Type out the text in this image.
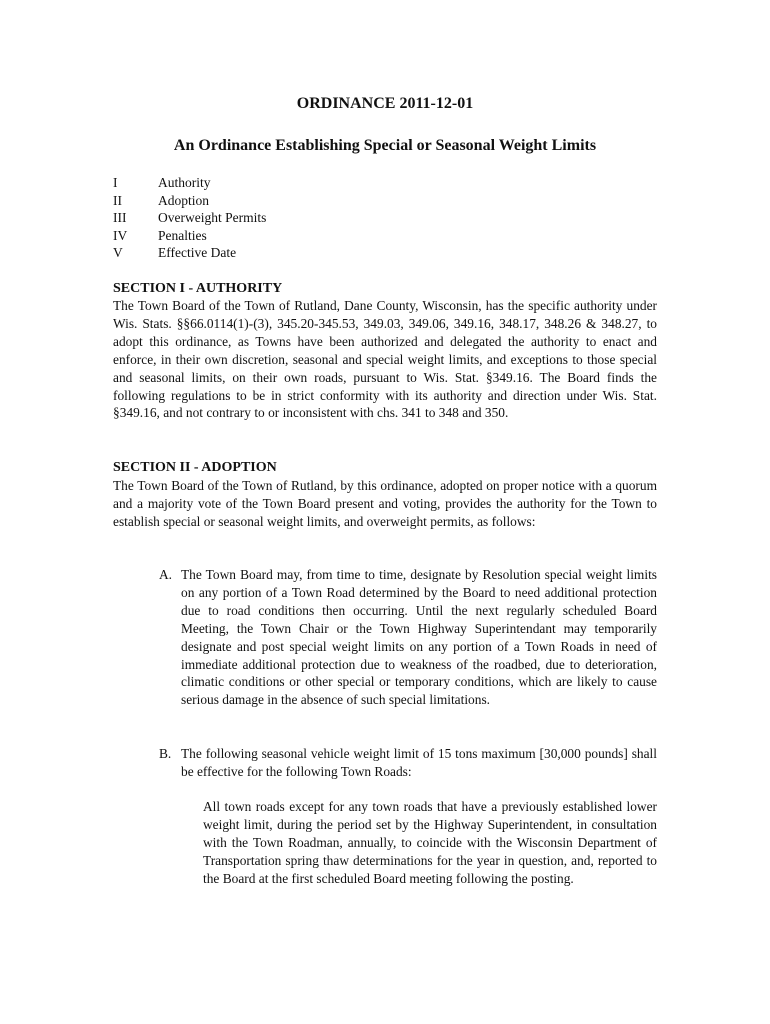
ORDINANCE 2011-12-01
An Ordinance Establishing Special or Seasonal Weight Limits
I	Authority
II	Adoption
III	Overweight Permits
IV	Penalties
V	Effective Date
SECTION I - AUTHORITY

The Town Board of the Town of Rutland, Dane County, Wisconsin, has the specific authority under Wis. Stats. §§66.0114(1)-(3), 345.20-345.53, 349.03, 349.06, 349.16, 348.17, 348.26 & 348.27, to adopt this ordinance, as Towns have been authorized and delegated the authority to enact and enforce, in their own discretion, seasonal and special weight limits, and exceptions to those special and seasonal limits, on their own roads, pursuant to Wis. Stat. §349.16. The Board finds the following regulations to be in strict conformity with its authority and direction under Wis. Stat. §349.16, and not contrary to or inconsistent with chs. 341 to 348 and 350.

SECTION II - ADOPTION

The Town Board of the Town of Rutland, by this ordinance, adopted on proper notice with a quorum and a majority vote of the Town Board present and voting, provides the authority for the Town to establish special or seasonal weight limits, and overweight permits, as follows:

A. The Town Board may, from time to time, designate by Resolution special weight limits on any portion of a Town Road determined by the Board to need additional protection due to road conditions then occurring. Until the next regularly scheduled Board Meeting, the Town Chair or the Town Highway Superintendant may temporarily designate and post special weight limits on any portion of a Town Roads in need of immediate additional protection due to weakness of the roadbed, due to deterioration, climatic conditions or other special or temporary conditions, which are likely to cause serious damage in the absence of such special limitations.

B. The following seasonal vehicle weight limit of 15 tons maximum [30,000 pounds] shall be effective for the following Town Roads:

All town roads except for any town roads that have a previously established lower weight limit, during the period set by the Highway Superintendent, in consultation with the Town Roadman, annually, to coincide with the Wisconsin Department of Transportation spring thaw determinations for the year in question, and, reported to the Board at the first scheduled Board meeting following the posting.
